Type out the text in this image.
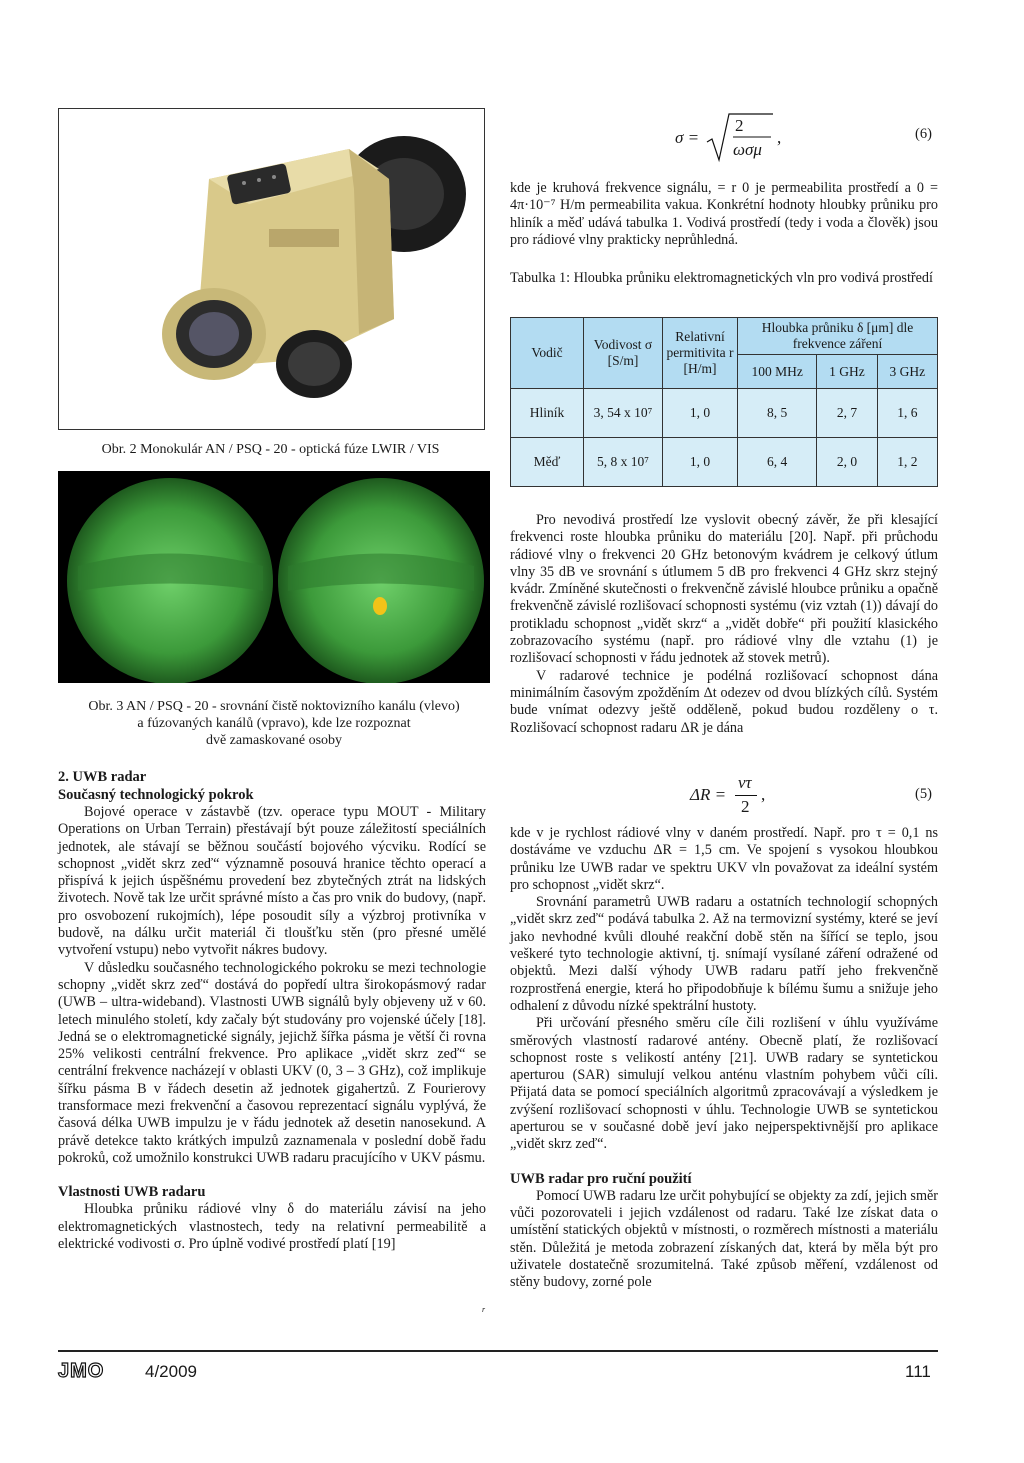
Obr. 2 Monokulár AN / PSQ - 20 - optická fúze LWIR / VIS
Obr. 3 AN / PSQ - 20 - srovnání čistě noktovizního kanálu (vlevo)
a fúzovaných kanálů (vpravo), kde lze rozpoznat
dvě zamaskované osoby

2. UWB radar

Současný technologický pokrok

Bojové operace v zástavbě (tzv. operace typu MOUT - Military Operations on Urban Terrain) přestávají být pouze záležitostí speciálních jednotek, ale stávají se běžnou součástí bojového výcviku. Rodící se schopnost „vidět skrz zeď“ významně posouvá hranice těchto operací a přispívá k jejich úspěšnému provedení bez zbytečných ztrát na lidských životech. Nově tak lze určit správné místo a čas pro vnik do budovy, (např. pro osvobození rukojmích), lépe posoudit síly a výzbroj protivníka v budově, na dálku určit materiál či tloušťku stěn (pro přesné umělé vytvoření vstupu) nebo vytvořit nákres budovy.

V důsledku současného technologického pokroku se mezi technologie schopny „vidět skrz zeď“ dostává do popředí ultra širokopásmový radar (UWB – ultra-wideband). Vlastnosti UWB signálů byly objeveny už v 60. letech minulého století, kdy začaly být studovány pro vojenské účely [18]. Jedná se o elektromagnetické signály, jejichž šířka pásma je větší či rovna 25% velikosti centrální frekvence. Pro aplikace „vidět skrz zeď“ se centrální frekvence nacházejí v oblasti UKV (0, 3 – 3 GHz), což implikuje šířku pásma B v řádech desetin až jednotek gigahertzů. Z Fourierovy transformace mezi frekvenční a časovou reprezentací signálu vyplývá, že časová délka UWB impulzu je v řádu jednotek až desetin nanosekund. A právě detekce takto krátkých impulzů zaznamenala v poslední době řadu pokroků, což umožnilo konstrukci UWB radaru pracujícího v UKV pásmu.

Vlastnosti UWB radaru

Hloubka průniku rádiové vlny δ do materiálu závisí na jeho elektromagnetických vlastnostech, tedy na relativní permeabilitě a elektrické vodivosti σ. Pro úplně vodivé prostředí platí [19]

r
σ =
2
ωσμ
,	(6)
kde je kruhová frekvence signálu, = r 0 je permeabilita prostředí a 0 = 4π·10⁻⁷ H/m permeabilita vakua. Konkrétní hodnoty hloubky průniku pro hliník a měď udává tabulka 1. Vodivá prostředí (tedy i voda a člověk) jsou pro rádiové vlny prakticky neprůhledná.
Tabulka 1: Hloubka průniku elektromagnetických vln pro vodivá prostředí
Vodič	Vodivost σ [S/m]	Relativní permitivita r [H/m]	Hloubka průniku δ [μm] dle frekvence záření		
			100 MHz	1 GHz	3 GHz
Hliník	3, 54 x 10⁷	1, 0	8, 5	2, 7	1, 6
Měď	5, 8 x 10⁷	1, 0	6, 4	2, 0	1, 2

Pro nevodivá prostředí lze vyslovit obecný závěr, že při klesající frekvenci roste hloubka průniku do materiálu [20]. Např. při průchodu rádiové vlny o frekvenci 20 GHz betonovým kvádrem je celkový útlum vlny 35 dB ve srovnání s útlumem 5 dB pro frekvenci 4 GHz skrz stejný kvádr. Zmíněné skutečnosti o frekvenčně závislé hloubce průniku a opačně frekvenčně závislé rozlišovací schopnosti systému (viz vztah (1)) dávají do protikladu schopnost „vidět skrz“ a „vidět dobře“ při použití klasického zobrazovacího systému (např. pro rádiové vlny dle vztahu (1) je rozlišovací schopnosti v řádu jednotek až stovek metrů).

V radarové technice je podélná rozlišovací schopnost dána minimálním časovým zpožděním Δt odezev od dvou blízkých cílů. Systém bude vnímat odezvy ještě odděleně, pokud budou rozděleny o τ. Rozlišovací schopnost radaru ΔR je dána

ΔR =
vτ
2
,	(5)

kde v je rychlost rádiové vlny v daném prostředí. Např. pro τ = 0,1 ns dostáváme ve vzduchu ΔR = 1,5 cm. Ve spojení s vysokou hloubkou průniku lze UWB radar ve spektru UKV vln považovat za ideální systém pro schopnost „vidět skrz“.

Srovnání parametrů UWB radaru a ostatních technologií schopných „vidět skrz zeď“ podává tabulka 2. Až na termovizní systémy, které se jeví jako nevhodné kvůli dlouhé reakční době stěn na šířící se teplo, jsou veškeré tyto technologie aktivní, tj. snímají vysílané záření odražené od objektů. Mezi další výhody UWB radaru patří jeho frekvenčně rozprostřená energie, která ho připodobňuje k bílému šumu a snižuje jeho odhalení z důvodu nízké spektrální hustoty.

Při určování přesného směru cíle čili rozlišení v úhlu využíváme směrových vlastností radarové antény. Obecně platí, že rozlišovací schopnost roste s velikostí antény [21]. UWB radary se syntetickou aperturou (SAR) simulují velkou anténu vlastním pohybem vůči cíli. Přijatá data se pomocí speciálních algoritmů zpracovávají a výsledkem je zvýšení rozlišovací schopnosti v úhlu. Technologie UWB se syntetickou aperturou se v současné době jeví jako nejperspektivnější pro aplikace „vidět skrz zeď“.

UWB radar pro ruční použití

Pomocí UWB radaru lze určit pohybující se objekty za zdí, jejich směr vůči pozorovateli i jejich vzdálenost od radaru. Také lze získat data o umístění statických objektů v místnosti, o rozměrech místnosti a materiálu stěn. Důležitá je metoda zobrazení získaných dat, která by měla být pro uživatele dostatečně srozumitelná. Také způsob měření, vzdálenost od stěny budovy, zorné pole

JMO 4/2009	111
